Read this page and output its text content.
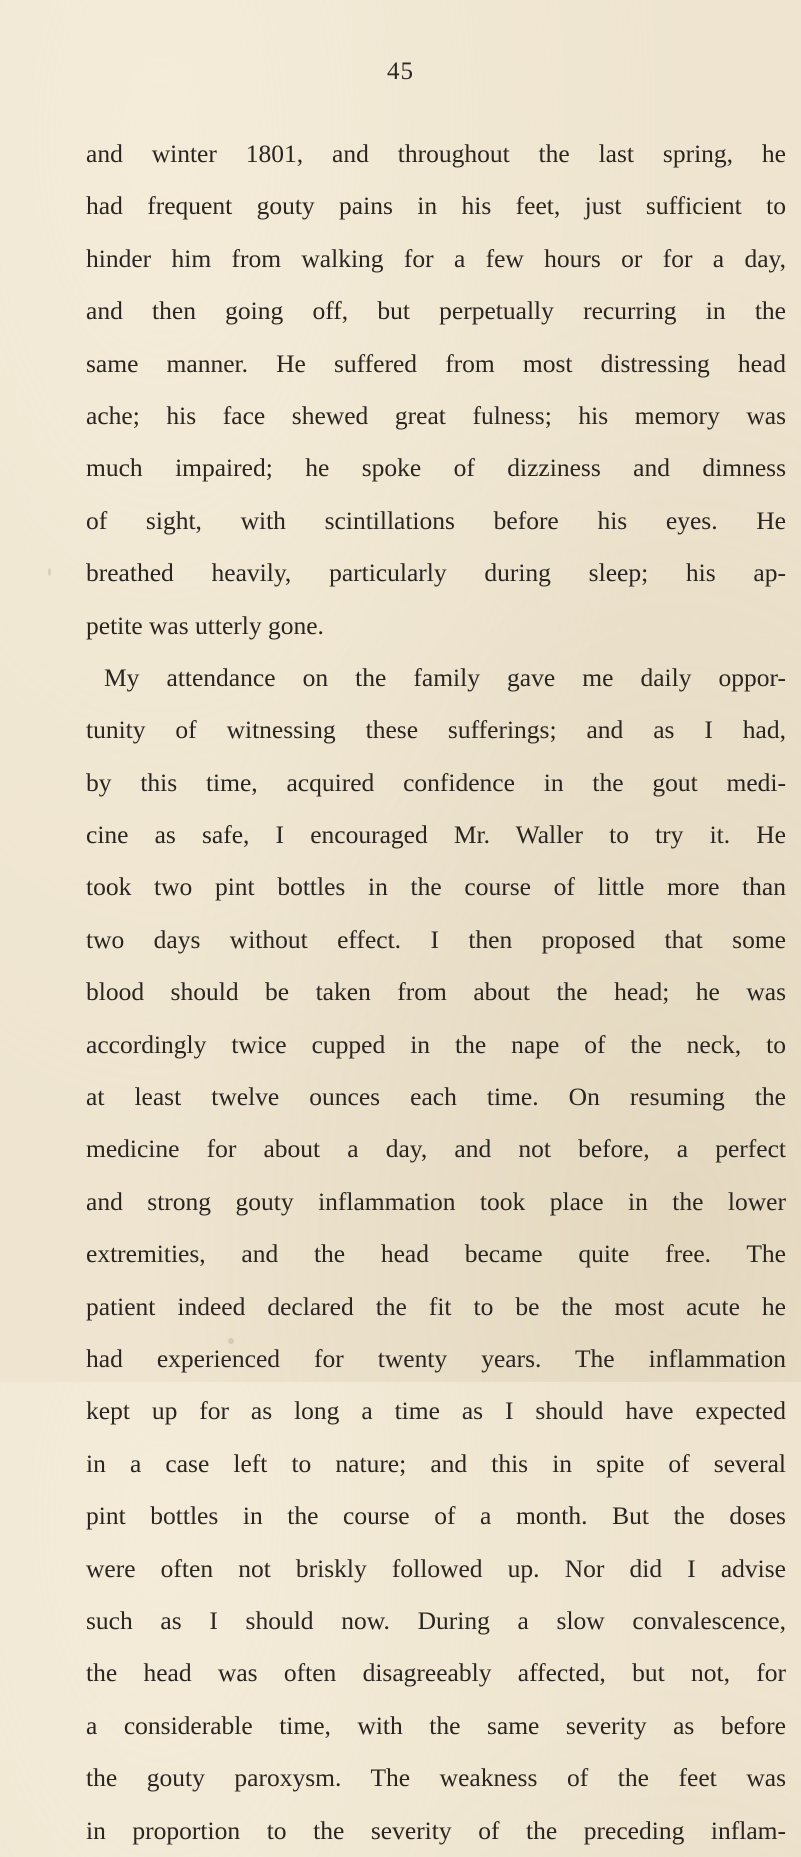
45
and winter 1801, and throughout the last spring, he
had frequent gouty pains in his feet, just sufficient to
hinder him from walking for a few hours or for a day,
and then going off, but perpetually recurring in the
same manner. He suffered from most distressing head
ache; his face shewed great fulness; his memory was
much impaired; he spoke of dizziness and dimness
of sight, with scintillations before his eyes. He
breathed heavily, particularly during sleep; his ap-
petite was utterly gone.
My attendance on the family gave me daily oppor-
tunity of witnessing these sufferings; and as I had,
by this time, acquired confidence in the gout medi-
cine as safe, I encouraged Mr. Waller to try it. He
took two pint bottles in the course of little more than
two days without effect. I then proposed that some
blood should be taken from about the head; he was
accordingly twice cupped in the nape of the neck, to
at least twelve ounces each time. On resuming the
medicine for about a day, and not before, a perfect
and strong gouty inflammation took place in the lower
extremities, and the head became quite free. The
patient indeed declared the fit to be the most acute he
had experienced for twenty years. The inflammation
kept up for as long a time as I should have expected
in a case left to nature; and this in spite of several
pint bottles in the course of a month. But the doses
were often not briskly followed up. Nor did I advise
such as I should now. During a slow convalescence,
the head was often disagreeably affected, but not, for
a considerable time, with the same severity as before
the gouty paroxysm. The weakness of the feet was
in proportion to the severity of the preceding inflam-
